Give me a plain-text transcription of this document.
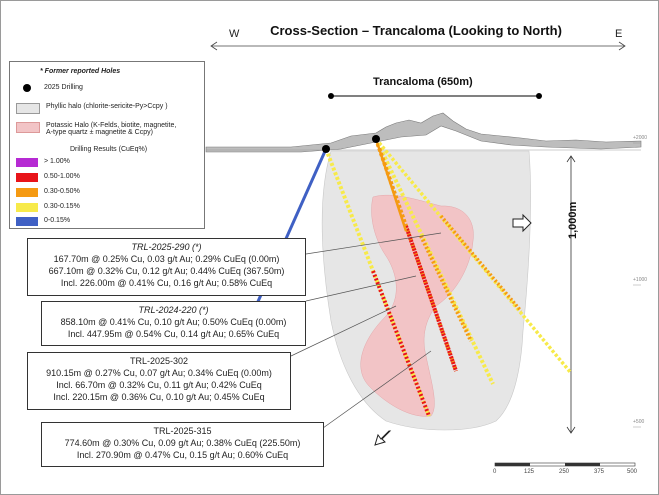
Cross-Section – Trancaloma (Looking to North)
W	E
Trancaloma (650m)
1,000m
+2000
+1000
+500
* Former reported Holes
2025 Drilling
Phyllic halo (chlorite-sericite-Py>Ccpy )
Potassic Halo (K-Felds, biotite, magnetite,
A-type quartz ± magnetite & Ccpy)
Drilling Results (CuEq%)
> 1.00%
0.50-1.00%
0.30-0.50%
0.30-0.15%
0-0.15%
TRL-2025-290 (*)
167.70m @ 0.25% Cu, 0.03 g/t Au; 0.29% CuEq (0.00m)
667.10m @ 0.32% Cu, 0.12 g/t Au; 0.44% CuEq (367.50m)
Incl. 226.00m @ 0.41% Cu, 0.16 g/t Au; 0.58% CuEq
TRL-2024-220 (*)
858.10m @ 0.41% Cu, 0.10 g/t Au; 0.50% CuEq (0.00m)
Incl. 447.95m @ 0.54% Cu, 0.14 g/t Au; 0.65% CuEq
TRL-2025-302
910.15m @ 0.27% Cu, 0.07 g/t Au; 0.34% CuEq (0.00m)
Incl. 66.70m @ 0.32% Cu, 0.11 g/t Au; 0.42% CuEq
Incl. 220.15m @ 0.36% Cu, 0.10 g/t Au; 0.45% CuEq
TRL-2025-315
774.60m @ 0.30% Cu, 0.09 g/t Au; 0.38% CuEq (225.50m)
Incl. 270.90m @ 0.47% Cu, 0.15 g/t Au; 0.60% CuEq
0	125	250	375	500
